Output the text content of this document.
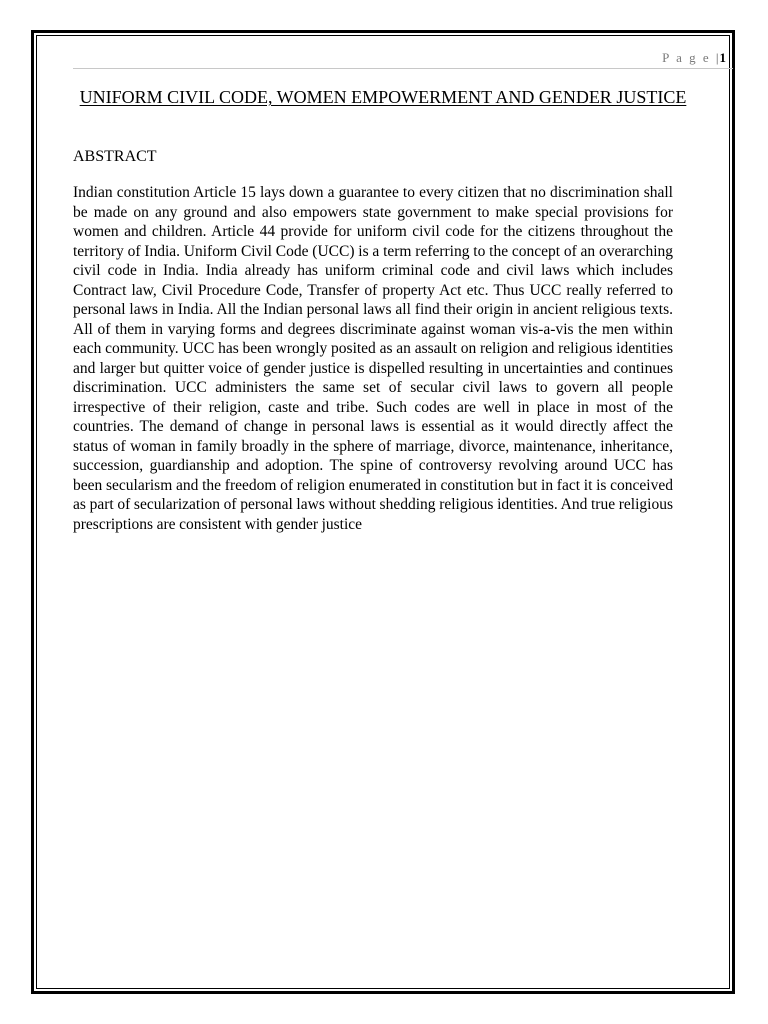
P a g e |1
UNIFORM CIVIL CODE, WOMEN EMPOWERMENT AND GENDER JUSTICE
ABSTRACT
Indian constitution Article 15 lays down a guarantee to every citizen that no discrimination shall be made on any ground and also empowers state government to make special provisions for women and children. Article 44 provide for uniform civil code for the citizens throughout the territory of India. Uniform Civil Code (UCC) is a term referring to the concept of an overarching civil code in India. India already has uniform criminal code and civil laws which includes Contract law, Civil Procedure Code, Transfer of property Act etc. Thus UCC really referred to personal laws in India. All the Indian personal laws all find their origin in ancient religious texts. All of them in varying forms and degrees discriminate against woman vis-a-vis the men within each community. UCC has been wrongly posited as an assault on religion and religious identities and larger but quitter voice of gender justice is dispelled resulting in uncertainties and continues discrimination. UCC administers the same set of secular civil laws to govern all people irrespective of their religion, caste and tribe. Such codes are well in place in most of the countries. The demand of change in personal laws is essential as it would directly affect the status of woman in family broadly in the sphere of marriage, divorce, maintenance, inheritance, succession, guardianship and adoption. The spine of controversy revolving around UCC has been secularism and the freedom of religion enumerated in constitution but in fact it is conceived as part of secularization of personal laws without shedding religious identities. And true religious prescriptions are consistent with gender justice
